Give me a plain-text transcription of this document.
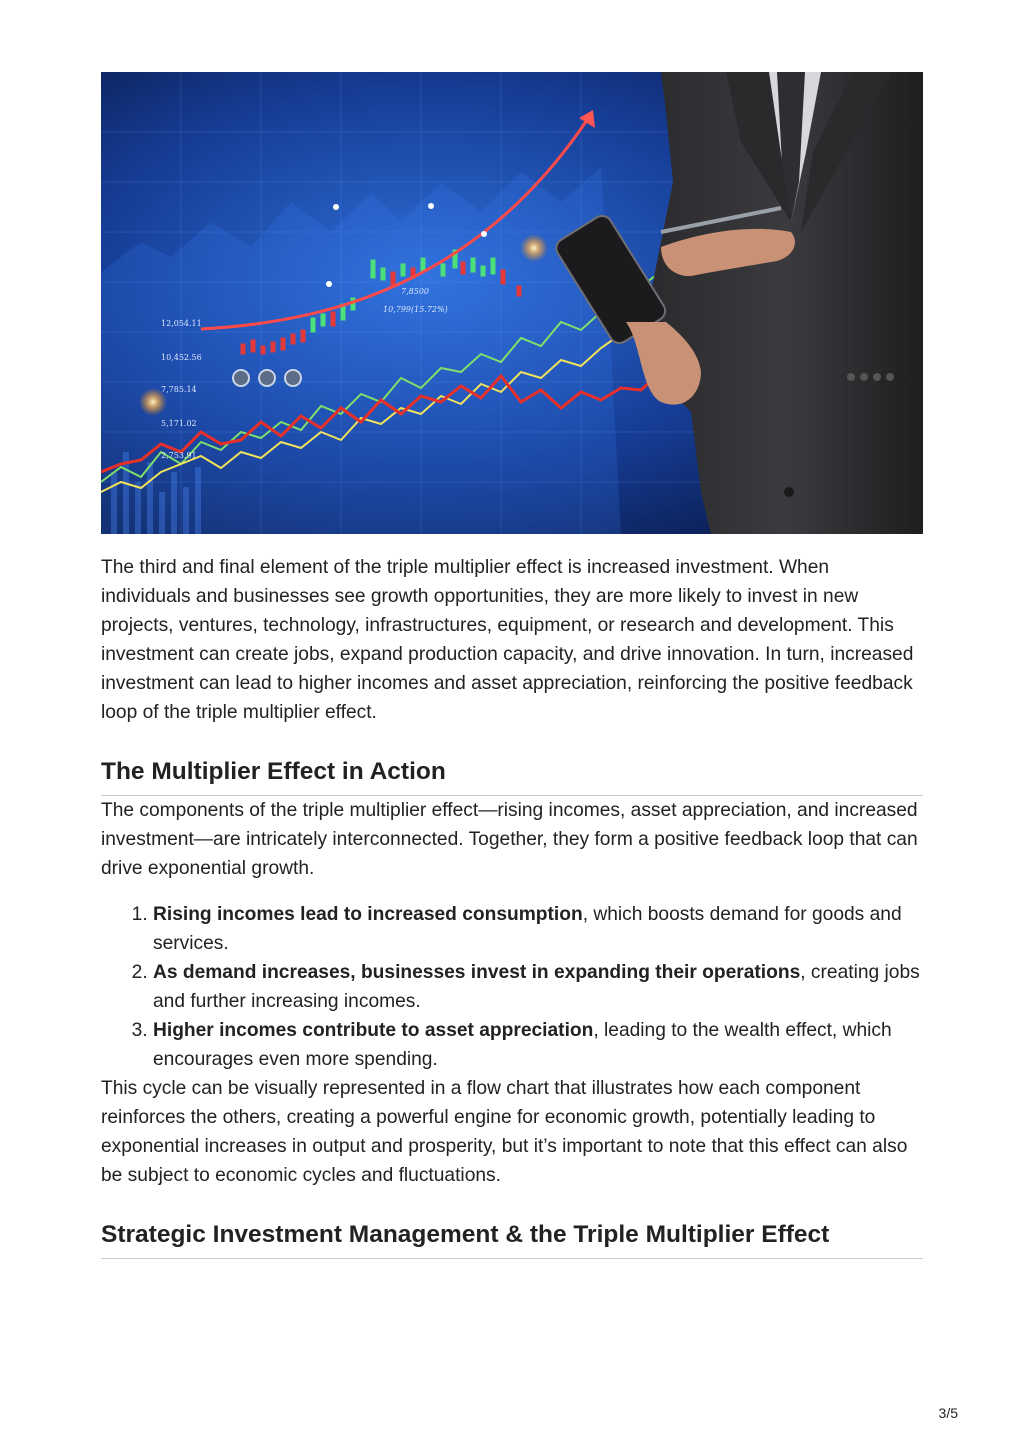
12,054.11
10,452.56
7,785.14
5,171.02
2,753.91
7,8500
10,799(15.72%)

The third and final element of the triple multiplier effect is increased investment. When individuals and businesses see growth opportunities, they are more likely to invest in new projects, ventures, technology, infrastructures, equipment, or research and development. This investment can create jobs, expand production capacity, and drive innovation. In turn, increased investment can lead to higher incomes and asset appreciation, reinforcing the positive feedback loop of the triple multiplier effect.

The Multiplier Effect in Action

The components of the triple multiplier effect—rising incomes, asset appreciation, and increased investment—are intricately interconnected. Together, they form a positive feedback loop that can drive exponential growth.

1. Rising incomes lead to increased consumption, which boosts demand for goods and services.
2. As demand increases, businesses invest in expanding their operations, creating jobs and further increasing incomes.
3. Higher incomes contribute to asset appreciation, leading to the wealth effect, which encourages even more spending.

This cycle can be visually represented in a flow chart that illustrates how each component reinforces the others, creating a powerful engine for economic growth, potentially leading to exponential increases in output and prosperity, but it’s important to note that this effect can also be subject to economic cycles and fluctuations.

Strategic Investment Management & the Triple Multiplier Effect
3/5
